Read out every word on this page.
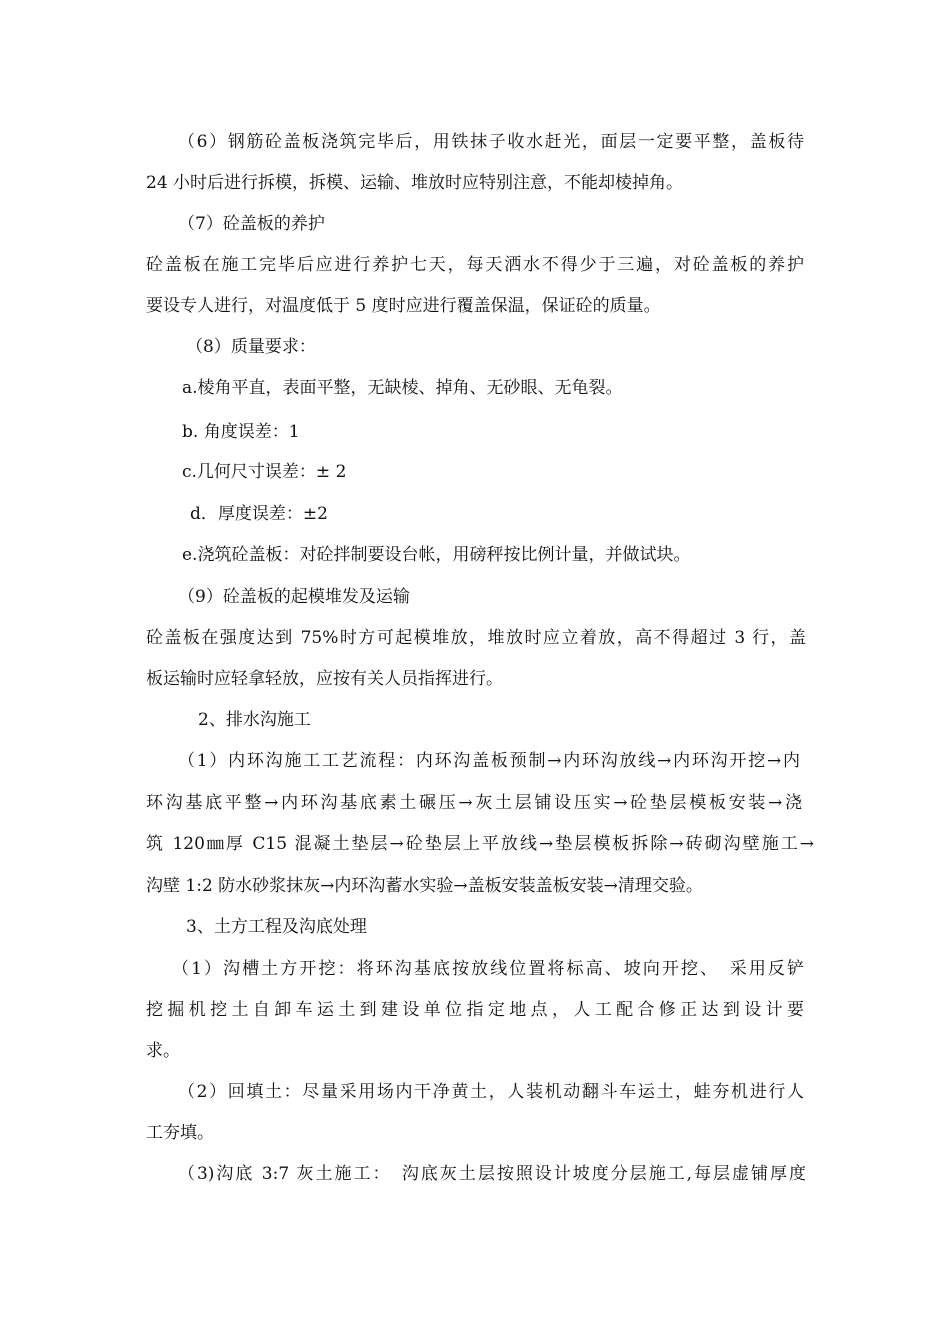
（6）钢筋砼盖板浇筑完毕后，用铁抹子收水赶光，面层一定要平整，盖板待

24 小时后进行拆模，拆模、运输、堆放时应特别注意，不能却棱掉角。

（7）砼盖板的养护

砼盖板在施工完毕后应进行养护七天，每天洒水不得少于三遍，对砼盖板的养护

要设专人进行，对温度低于 5 度时应进行覆盖保温，保证砼的质量。

（8）质量要求：

a.棱角平直，表面平整，无缺棱、掉角、无砂眼、无龟裂。

b. 角度误差：1

c.几何尺寸误差：± 2

d．厚度误差：±2

e.浇筑砼盖板：对砼拌制要设台帐，用磅秤按比例计量，并做试块。

（9）砼盖板的起模堆发及运输

砼盖板在强度达到 75%时方可起模堆放，堆放时应立着放，高不得超过 3 行，盖

板运输时应轻拿轻放，应按有关人员指挥进行。

2、排水沟施工

（1）内环沟施工工艺流程：内环沟盖板预制→内环沟放线→内环沟开挖→内

环沟基底平整→内环沟基底素土碾压→灰土层铺设压实→砼垫层模板安装→浇

筑 120㎜厚 C15 混凝土垫层→砼垫层上平放线→垫层模板拆除→砖砌沟壁施工→

沟壁 1:2 防水砂浆抹灰→内环沟蓄水实验→盖板安装盖板安装→清理交验。

3、土方工程及沟底处理

（1）沟槽土方开挖：将环沟基底按放线位置将标高、坡向开挖、　采用反铲

挖掘机挖土自卸车运土到建设单位指定地点，人工配合修正达到设计要

求。

（2）回填土：尽量采用场内干净黄土，人装机动翻斗车运土，蛙夯机进行人

工夯填。

（3)沟底 3:7 灰土施工：　沟底灰土层按照设计坡度分层施工,每层虚铺厚度
